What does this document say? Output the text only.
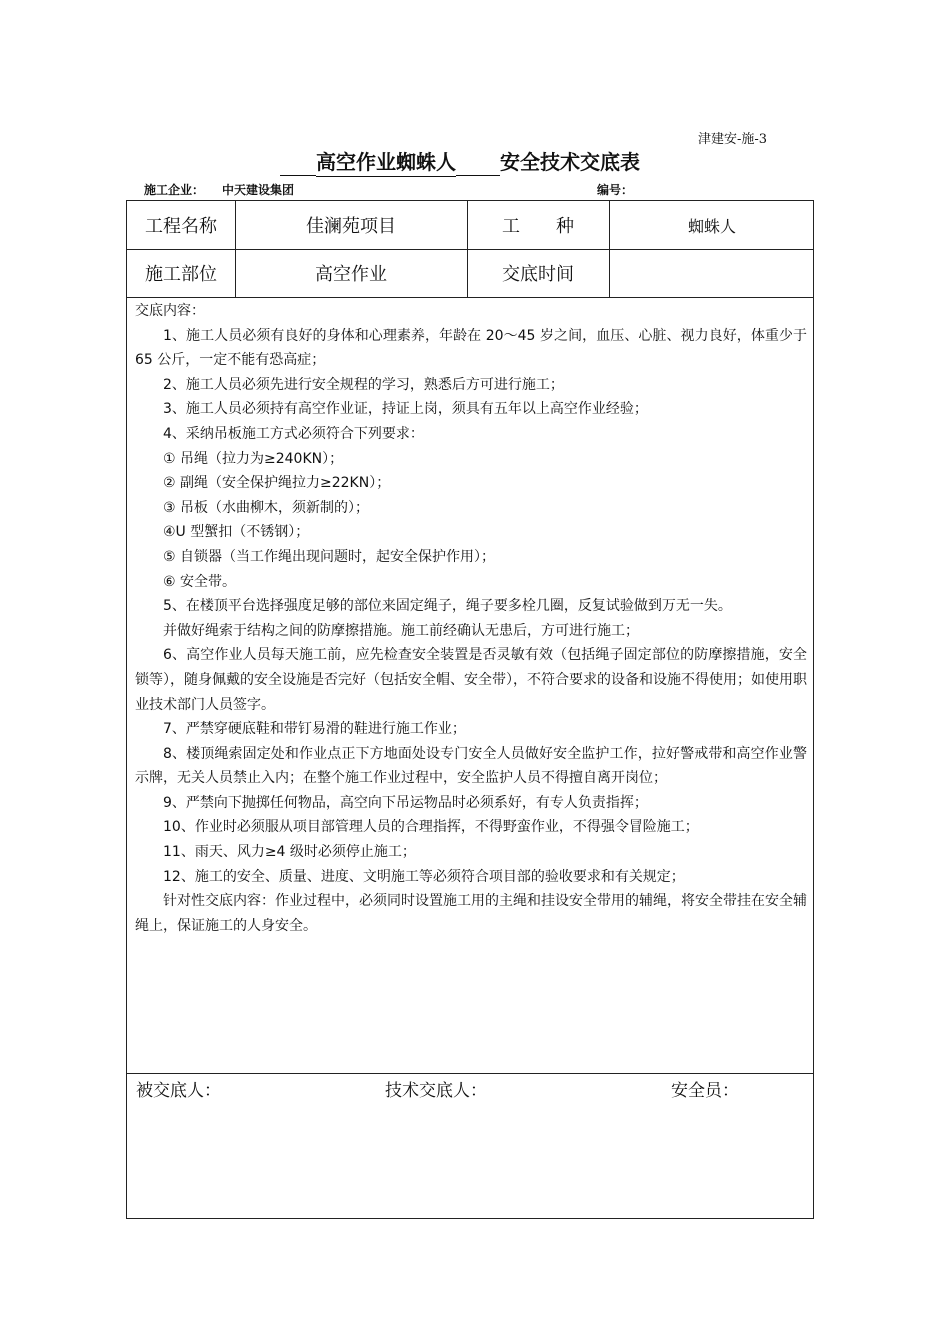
津建安-施-3
高空作业蜘蛛人 安全技术交底表
施工企业： 中天建设集团	编号：
工程名称	佳澜苑项目	工　　种	蜘蛛人
施工部位	高空作业	交底时间
交底内容：

1、施工人员必须有良好的身体和心理素养，年龄在 20～45 岁之间，血压、心脏、视力良好，体重少于 65 公斤，一定不能有恐高症；

2、施工人员必须先进行安全规程的学习，熟悉后方可进行施工；

3、施工人员必须持有高空作业证，持证上岗，须具有五年以上高空作业经验；

4、采纳吊板施工方式必须符合下列要求：

① 吊绳（拉力为≥240KN）；

② 副绳（安全保护绳拉力≥22KN）；

③ 吊板（水曲柳木，须新制的）；

④U 型蟹扣（不锈钢）；

⑤ 自锁器（当工作绳出现问题时，起安全保护作用）；

⑥ 安全带。

5、在楼顶平台选择强度足够的部位来固定绳子，绳子要多栓几圈，反复试验做到万无一失。

并做好绳索于结构之间的防摩擦措施。施工前经确认无患后，方可进行施工；

6、高空作业人员每天施工前，应先检查安全装置是否灵敏有效（包括绳子固定部位的防摩擦措施，安全锁等），随身佩戴的安全设施是否完好（包括安全帽、安全带），不符合要求的设备和设施不得使用；如使用职业技术部门人员签字。

7、严禁穿硬底鞋和带钉易滑的鞋进行施工作业；

8、楼顶绳索固定处和作业点正下方地面处设专门安全人员做好安全监护工作，拉好警戒带和高空作业警示牌，无关人员禁止入内；在整个施工作业过程中，安全监护人员不得擅自离开岗位；

9、严禁向下抛掷任何物品，高空向下吊运物品时必须系好，有专人负责指挥；

10、作业时必须服从项目部管理人员的合理指挥，不得野蛮作业，不得强令冒险施工；

11、雨天、风力≥4 级时必须停止施工；

12、施工的安全、质量、进度、文明施工等必须符合项目部的验收要求和有关规定；

针对性交底内容：作业过程中，必须同时设置施工用的主绳和挂设安全带用的辅绳，将安全带挂在安全辅绳上，保证施工的人身安全。

被交底人：	技术交底人：	安全员：
